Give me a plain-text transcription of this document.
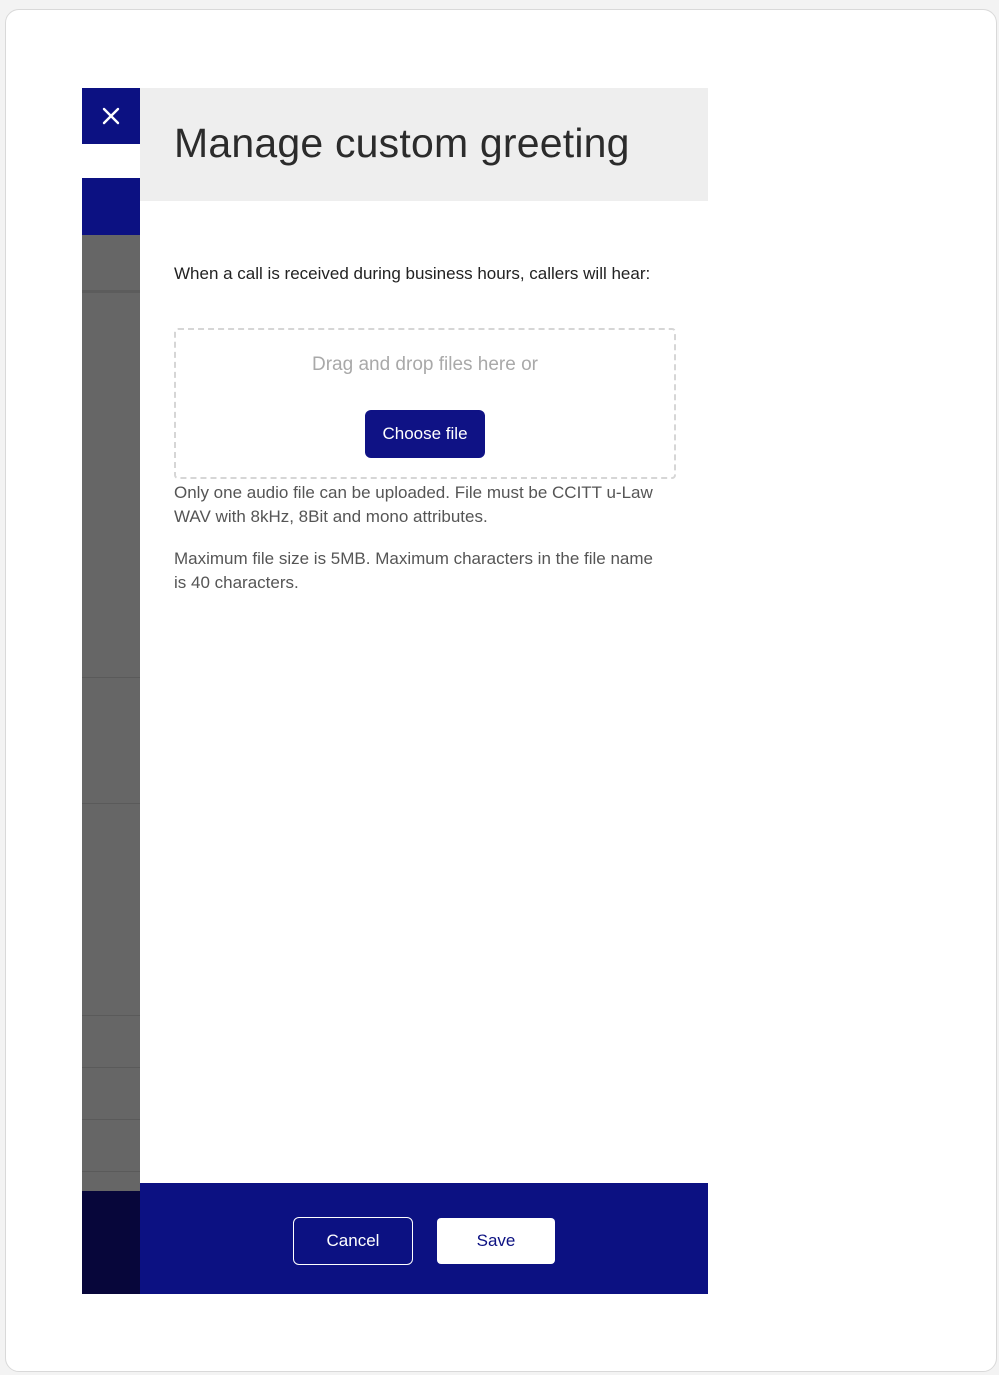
Manage custom greeting

When a call is received during business hours, callers will hear:

Drag and drop files here or
Choose file

Only one audio file can be uploaded. File must be CCITT u-Law WAV with 8kHz, 8Bit and mono attributes.

Maximum file size is 5MB. Maximum characters in the file name is 40 characters.

Cancel	Save
